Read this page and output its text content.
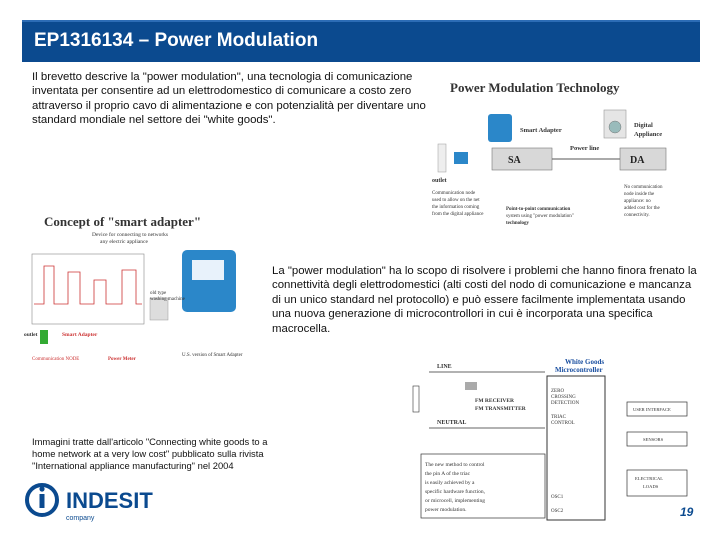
EP1316134 – Power Modulation
Il brevetto descrive la "power modulation", una tecnologia di comunicazione inventata per consentire ad un elettrodomestico di comunicare a costo zero attraverso il proprio cavo di alimentazione e con potenzialità per diventare uno standard mondiale nel settore dei "white goods".
Power Modulation Technology
Smart Adapter
Digital
Appliance
SA
Power line
DA
outlet
Communication node
used to allow on the net
the information coming
from the digital appliance
Point-to-point communication
system using "power modulation"
technology
No communication
node inside the
appliance: no
added cost for the
connectivity.
Concept of "smart adapter"
Device for connecting to networks
any electric appliance
old type
washing machine
outlet	Smart Adapter
Power Meter
Communication NODE
U.S. version of Smart Adapter
La "power modulation" ha lo scopo di risolvere i problemi che hanno finora frenato la connettività degli elettrodomestici (alti costi del nodo di comunicazione e mancanza di un unico standard nel protocollo) e può essere facilmente implementata usando una nuova generazione di microcontrollori in cui è incorporata una specifica macrocella.
White Goods
Microcontroller
LINE
NEUTRAL
FM RECEIVER
FM TRANSMITTER
ZERO
CROSSING
DETECTION
TRIAC
CONTROL
OSC1
OSC2
USER INTERFACE
SENSORS
ELECTRICAL
LOADS
The new method to control
the pin A of the triac
is easily achieved by a
specific hardware function,
or microcell, implementing
power modulation.
Immagini tratte dall'articolo "Connecting white goods to a home network at a very low cost" pubblicato sulla rivista "International appliance manufacturing" nel 2004
INDESIT
company	19
